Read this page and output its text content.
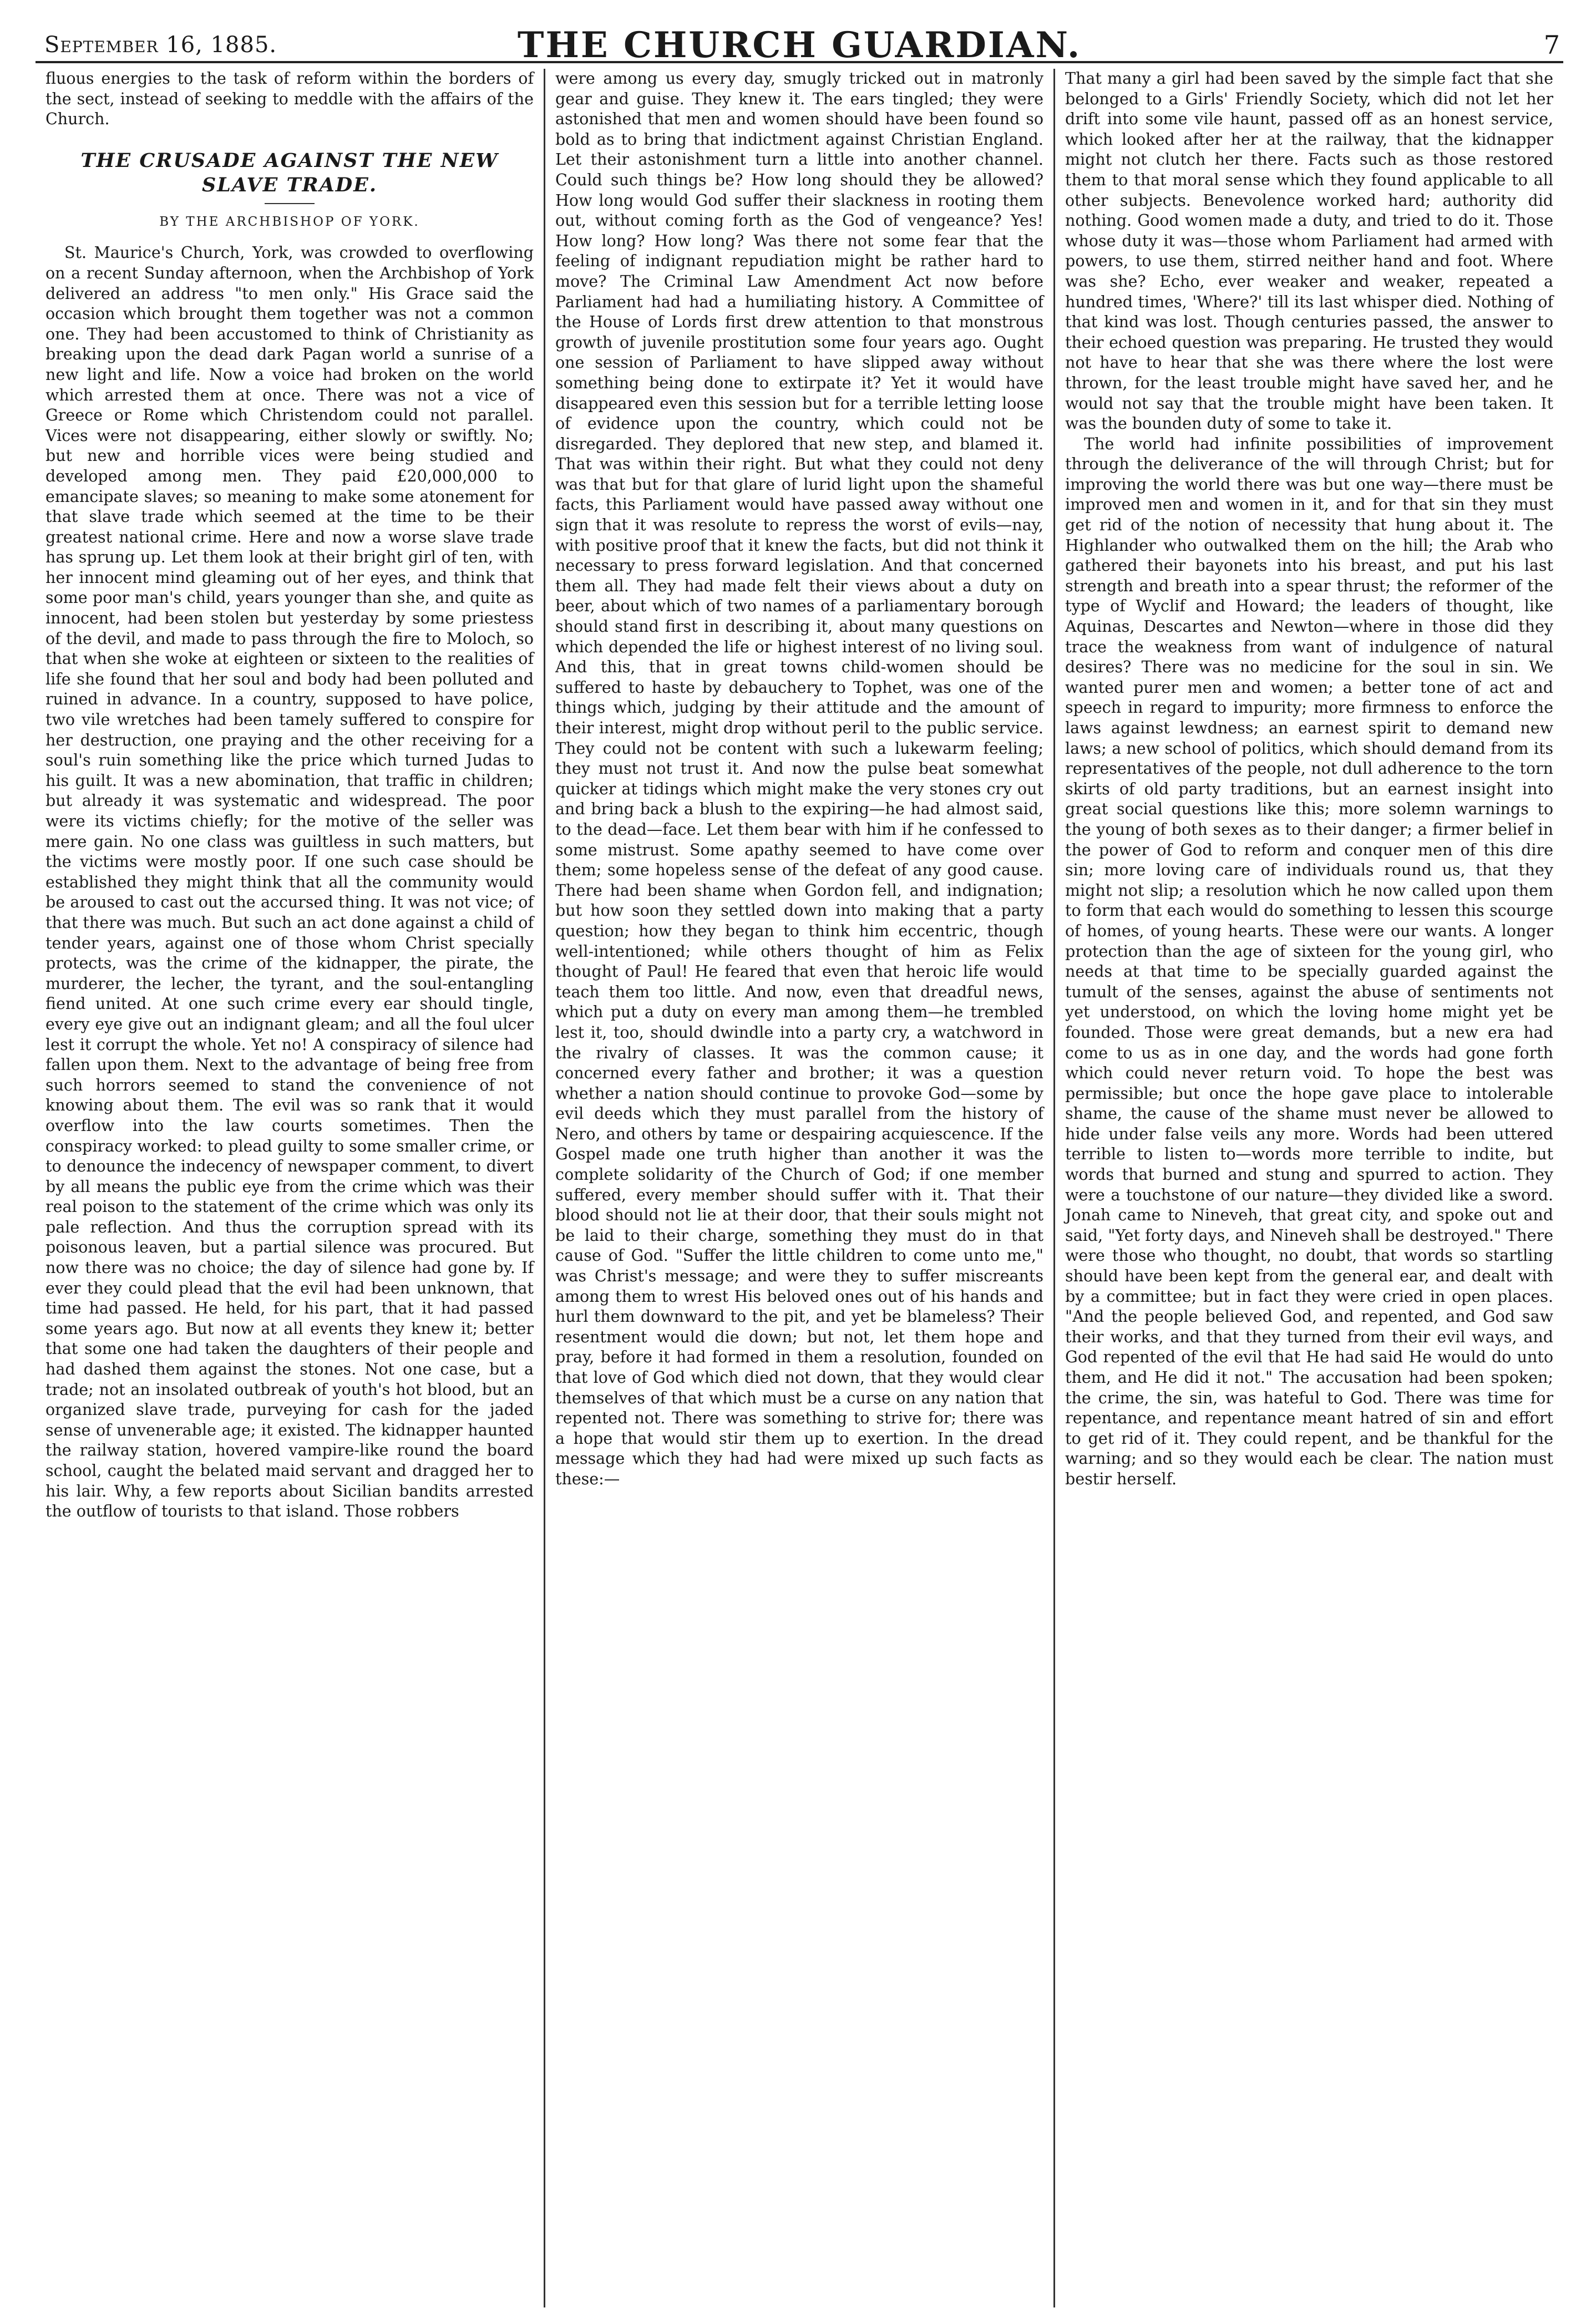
September 16, 1885.	THE CHURCH GUARDIAN.	7

fluous energies to the task of reform within the borders of the sect, instead of seeking to meddle with the affairs of the Church.

THE CRUSADE AGAINST THE NEW SLAVE TRADE.
BY THE ARCHBISHOP OF YORK.

St. Maurice's Church, York, was crowded to overflowing on a recent Sunday afternoon, when the Archbishop of York delivered an address "to men only." His Grace said the occasion which brought them together was not a common one. They had been accustomed to think of Christianity as breaking upon the dead dark Pagan world a sunrise of a new light and life. Now a voice had broken on the world which arrested them at once. There was not a vice of Greece or Rome which Christendom could not parallel. Vices were not disappearing, either slowly or swiftly. No; but new and horrible vices were being studied and developed among men. They paid £20,000,000 to emancipate slaves; so meaning to make some atonement for that slave trade which seemed at the time to be their greatest national crime. Here and now a worse slave trade has sprung up. Let them look at their bright girl of ten, with her innocent mind gleaming out of her eyes, and think that some poor man's child, years younger than she, and quite as innocent, had been stolen but yesterday by some priestess of the devil, and made to pass through the fire to Moloch, so that when she woke at eighteen or sixteen to the realities of life she found that her soul and body had been polluted and ruined in advance. In a country, supposed to have police, two vile wretches had been tamely suffered to conspire for her destruction, one praying and the other receiving for a soul's ruin something like the price which turned Judas to his guilt. It was a new abomination, that traffic in children; but already it was systematic and widespread. The poor were its victims chiefly; for the motive of the seller was mere gain. No one class was guiltless in such matters, but the victims were mostly poor. If one such case should be established they might think that all the community would be aroused to cast out the accursed thing. It was not vice; of that there was much. But such an act done against a child of tender years, against one of those whom Christ specially protects, was the crime of the kidnapper, the pirate, the murderer, the lecher, the tyrant, and the soul-entangling fiend united. At one such crime every ear should tingle, every eye give out an indignant gleam; and all the foul ulcer lest it corrupt the whole. Yet no! A conspiracy of silence had fallen upon them. Next to the advantage of being free from such horrors seemed to stand the convenience of not knowing about them. The evil was so rank that it would overflow into the law courts sometimes. Then the conspiracy worked: to plead guilty to some smaller crime, or to denounce the indecency of newspaper comment, to divert by all means the public eye from the crime which was their real poison to the statement of the crime which was only its pale reflection. And thus the corruption spread with its poisonous leaven, but a partial silence was procured. But now there was no choice; the day of silence had gone by. If ever they could plead that the evil had been unknown, that time had passed. He held, for his part, that it had passed some years ago. But now at all events they knew it; better that some one had taken the daughters of their people and had dashed them against the stones. Not one case, but a trade; not an insolated outbreak of youth's hot blood, but an organized slave trade, purveying for cash for the jaded sense of unvenerable age; it existed. The kidnapper haunted the railway station, hovered vampire-like round the board school, caught the belated maid servant and dragged her to his lair. Why, a few reports about Sicilian bandits arrested the outflow of tourists to that island. Those robbers

were among us every day, smugly tricked out in matronly gear and guise. They knew it. The ears tingled; they were astonished that men and women should have been found so bold as to bring that indictment against Christian England. Let their astonishment turn a little into another channel. Could such things be? How long should they be allowed? How long would God suffer their slackness in rooting them out, without coming forth as the God of vengeance? Yes! How long? How long? Was there not some fear that the feeling of indignant repudiation might be rather hard to move? The Criminal Law Amendment Act now before Parliament had had a humiliating history. A Committee of the House of Lords first drew attention to that monstrous growth of juvenile prostitution some four years ago. Ought one session of Parliament to have slipped away without something being done to extirpate it? Yet it would have disappeared even this session but for a terrible letting loose of evidence upon the country, which could not be disregarded. They deplored that new step, and blamed it. That was within their right. But what they could not deny was that but for that glare of lurid light upon the shameful facts, this Parliament would have passed away without one sign that it was resolute to repress the worst of evils—nay, with positive proof that it knew the facts, but did not think it necessary to press forward legislation. And that concerned them all. They had made felt their views about a duty on beer, about which of two names of a parliamentary borough should stand first in describing it, about many questions on which depended the life or highest interest of no living soul. And this, that in great towns child-women should be suffered to haste by debauchery to Tophet, was one of the things which, judging by their attitude and the amount of their interest, might drop without peril to the public service. They could not be content with such a lukewarm feeling; they must not trust it. And now the pulse beat somewhat quicker at tidings which might make the very stones cry out and bring back a blush to the expiring—he had almost said, to the dead—face. Let them bear with him if he confessed to some mistrust. Some apathy seemed to have come over them; some hopeless sense of the defeat of any good cause. There had been shame when Gordon fell, and indignation; but how soon they settled down into making that a party question; how they began to think him eccentric, though well-intentioned; while others thought of him as Felix thought of Paul! He feared that even that heroic life would teach them too little. And now, even that dreadful news, which put a duty on every man among them—he trembled lest it, too, should dwindle into a party cry, a watchword in the rivalry of classes. It was the common cause; it concerned every father and brother; it was a question whether a nation should continue to provoke God—some by evil deeds which they must parallel from the history of Nero, and others by tame or despairing acquiescence. If the Gospel made one truth higher than another it was the complete solidarity of the Church of God; if one member suffered, every member should suffer with it. That their blood should not lie at their door, that their souls might not be laid to their charge, something they must do in that cause of God. "Suffer the little children to come unto me," was Christ's message; and were they to suffer miscreants among them to wrest His beloved ones out of his hands and hurl them downward to the pit, and yet be blameless? Their resentment would die down; but not, let them hope and pray, before it had formed in them a resolution, founded on that love of God which died not down, that they would clear themselves of that which must be a curse on any nation that repented not. There was something to strive for; there was a hope that would stir them up to exertion. In the dread message which they had had were mixed up such facts as these:—

That many a girl had been saved by the simple fact that she belonged to a Girls' Friendly Society, which did not let her drift into some vile haunt, passed off as an honest service, which looked after her at the railway, that the kidnapper might not clutch her there. Facts such as those restored them to that moral sense which they found applicable to all other subjects. Benevolence worked hard; authority did nothing. Good women made a duty, and tried to do it. Those whose duty it was—those whom Parliament had armed with powers, to use them, stirred neither hand and foot. Where was she? Echo, ever weaker and weaker, repeated a hundred times, 'Where?' till its last whisper died. Nothing of that kind was lost. Though centuries passed, the answer to their echoed question was preparing. He trusted they would not have to hear that she was there where the lost were thrown, for the least trouble might have saved her, and he would not say that the trouble might have been taken. It was the bounden duty of some to take it.

The world had infinite possibilities of improvement through the deliverance of the will through Christ; but for improving the world there was but one way—there must be improved men and women in it, and for that sin they must get rid of the notion of necessity that hung about it. The Highlander who outwalked them on the hill; the Arab who gathered their bayonets into his breast, and put his last strength and breath into a spear thrust; the reformer of the type of Wyclif and Howard; the leaders of thought, like Aquinas, Descartes and Newton—where in those did they trace the weakness from want of indulgence of natural desires? There was no medicine for the soul in sin. We wanted purer men and women; a better tone of act and speech in regard to impurity; more firmness to enforce the laws against lewdness; an earnest spirit to demand new laws; a new school of politics, which should demand from its representatives of the people, not dull adherence to the torn skirts of old party traditions, but an earnest insight into great social questions like this; more solemn warnings to the young of both sexes as to their danger; a firmer belief in the power of God to reform and conquer men of this dire sin; more loving care of individuals round us, that they might not slip; a resolution which he now called upon them to form that each would do something to lessen this scourge of homes, of young hearts. These were our wants. A longer protection than the age of sixteen for the young girl, who needs at that time to be specially guarded against the tumult of the senses, against the abuse of sentiments not yet understood, on which the loving home might yet be founded. Those were great demands, but a new era had come to us as in one day, and the words had gone forth which could never return void. To hope the best was permissible; but once the hope gave place to intolerable shame, the cause of the shame must never be allowed to hide under false veils any more. Words had been uttered terrible to listen to—words more terrible to indite, but words that burned and stung and spurred to action. They were a touchstone of our nature—they divided like a sword. Jonah came to Nineveh, that great city, and spoke out and said, "Yet forty days, and Nineveh shall be destroyed." There were those who thought, no doubt, that words so startling should have been kept from the general ear, and dealt with by a committee; but in fact they were cried in open places. "And the people believed God, and repented, and God saw their works, and that they turned from their evil ways, and God repented of the evil that He had said He would do unto them, and He did it not." The accusation had been spoken; the crime, the sin, was hateful to God. There was time for repentance, and repentance meant hatred of sin and effort to get rid of it. They could repent, and be thankful for the warning; and so they would each be clear. The nation must bestir herself.
